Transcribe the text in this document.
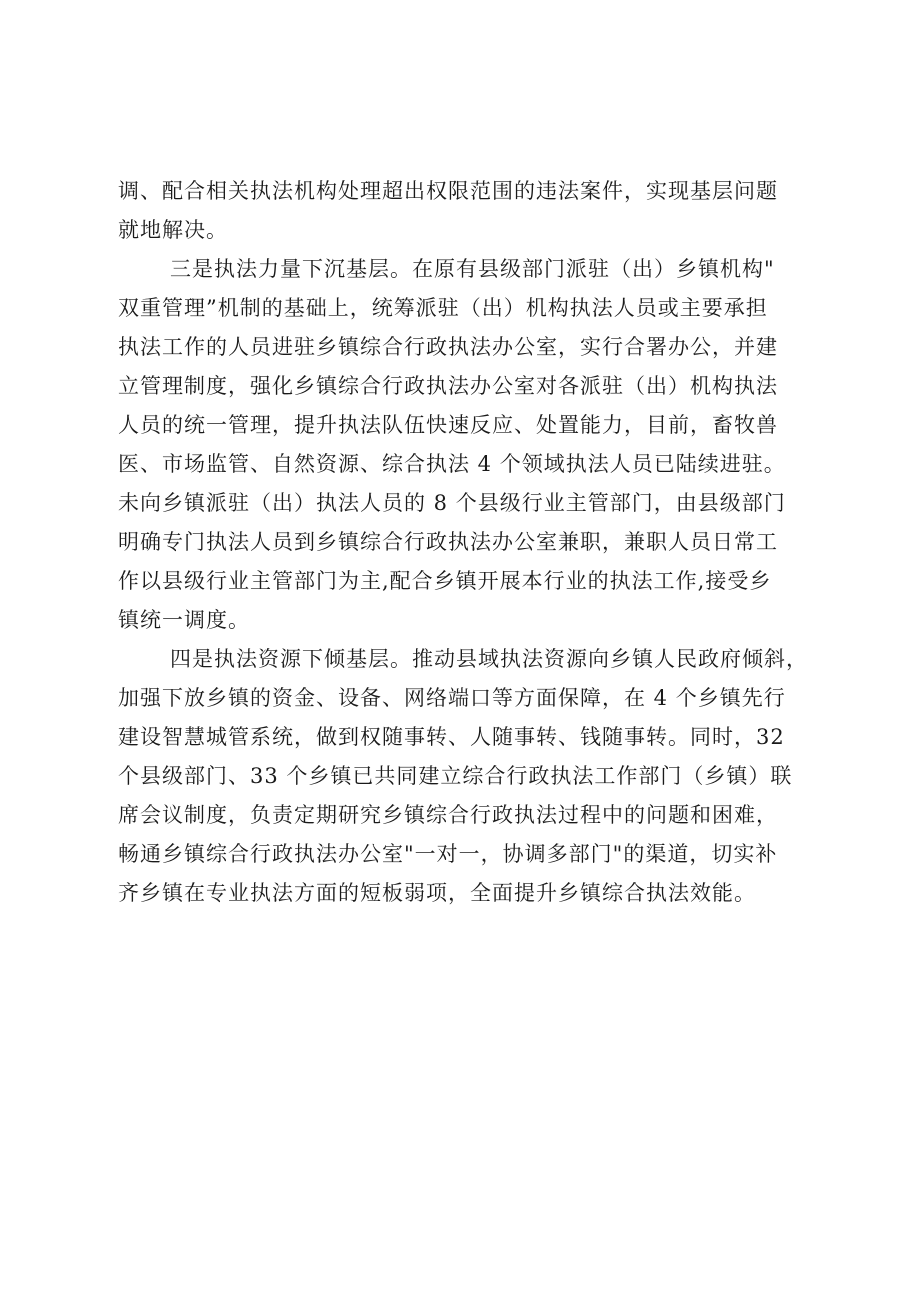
调、配合相关执法机构处理超出权限范围的违法案件，实现基层问题
就地解决。
三是执法力量下沉基层。在原有县级部门派驻（出）乡镇机构"
双重管理”机制的基础上，统筹派驻（出）机构执法人员或主要承担
执法工作的人员进驻乡镇综合行政执法办公室，实行合署办公，并建
立管理制度，强化乡镇综合行政执法办公室对各派驻（出）机构执法
人员的统一管理，提升执法队伍快速反应、处置能力，目前，畜牧兽
医、市场监管、自然资源、综合执法 4 个领域执法人员已陆续进驻。
未向乡镇派驻（出）执法人员的 8 个县级行业主管部门，由县级部门
明确专门执法人员到乡镇综合行政执法办公室兼职，兼职人员日常工
作以县级行业主管部门为主,配合乡镇开展本行业的执法工作,接受乡
镇统一调度。
四是执法资源下倾基层。推动县域执法资源向乡镇人民政府倾斜，
加强下放乡镇的资金、设备、网络端口等方面保障，在 4 个乡镇先行
建设智慧城管系统，做到权随事转、人随事转、钱随事转。同时，32
个县级部门、33 个乡镇已共同建立综合行政执法工作部门（乡镇）联
席会议制度，负责定期研究乡镇综合行政执法过程中的问题和困难，
畅通乡镇综合行政执法办公室"一对一，协调多部门"的渠道，切实补
齐乡镇在专业执法方面的短板弱项，全面提升乡镇综合执法效能。
